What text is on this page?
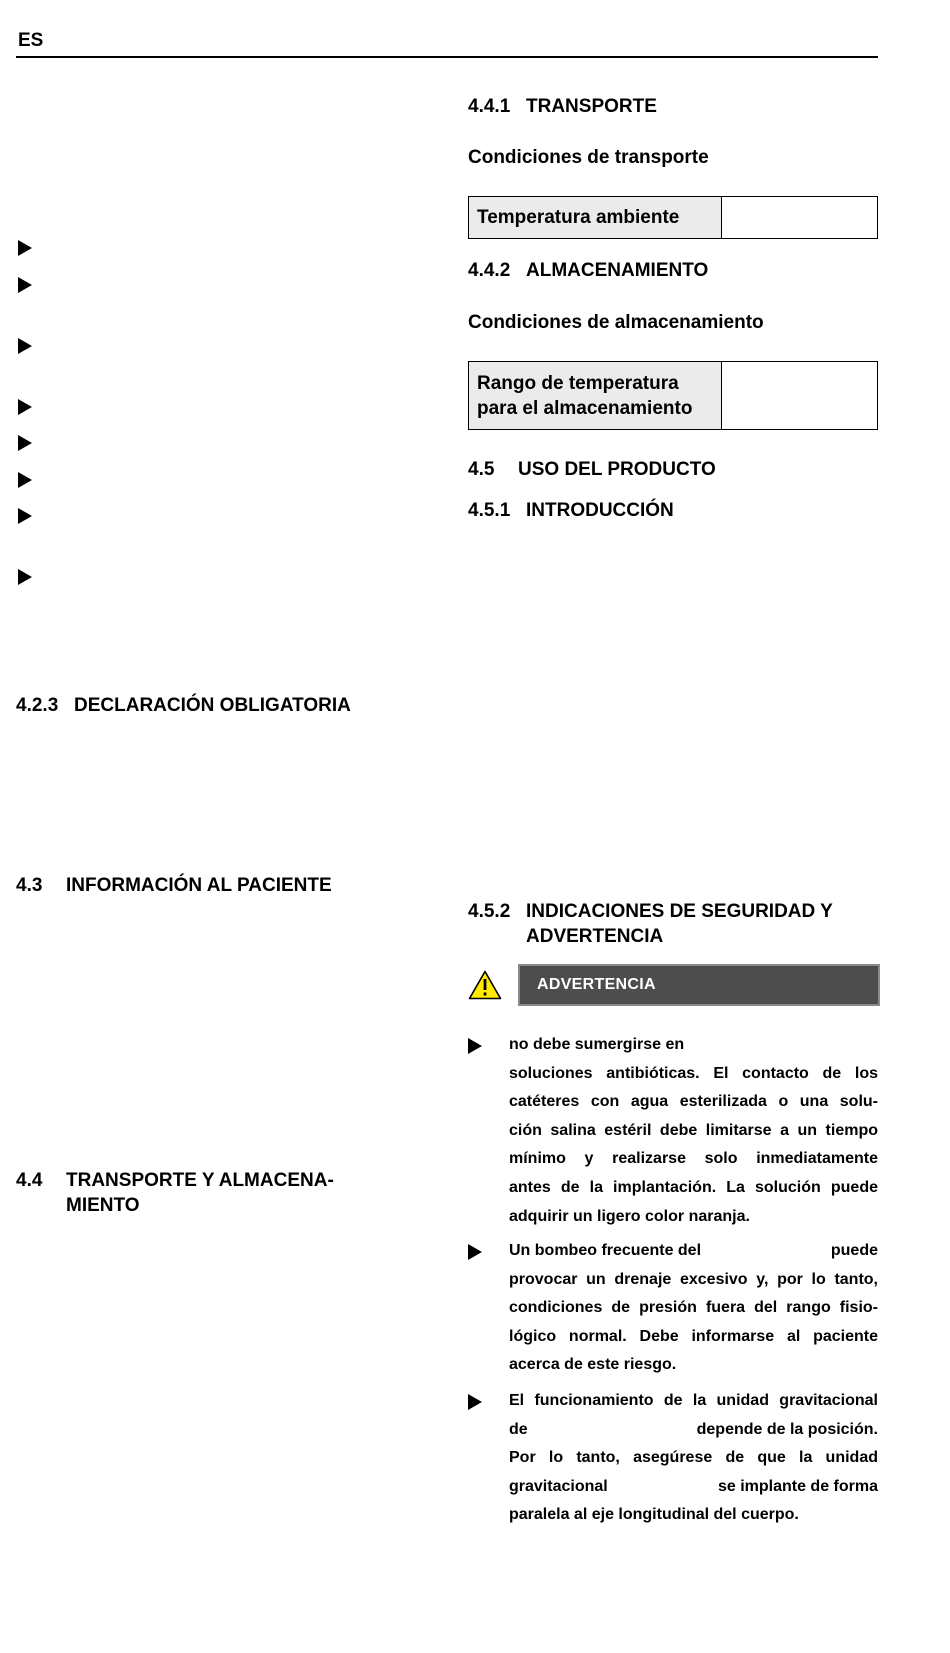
ES
4.2.3 DECLARACIÓN OBLIGATORIA
4.3 INFORMACIÓN AL PACIENTE
4.4 TRANSPORTE Y ALMACENA-
MIENTO
4.4.1 TRANSPORTE
Condiciones de transporte
Temperatura ambiente
4.4.2 ALMACENAMIENTO
Condiciones de almacenamiento
Rango de temperatura
para el almacenamiento
4.5 USO DEL PRODUCTO
4.5.1 INTRODUCCIÓN
4.5.2 INDICACIONES DE SEGURIDAD Y
ADVERTENCIA
ADVERTENCIA
no debe sumergirse en
soluciones antibióticas. El contacto de los
catéteres con agua esterilizada o una solu-
ción salina estéril debe limitarse a un tiempo
mínimo y realizarse solo inmediatamente
antes de la implantación. La solución puede
adquirir un ligero color naranja.
Un bombeo frecuente del	puede
provocar un drenaje excesivo y, por lo tanto,
condiciones de presión fuera del rango fisio-
lógico normal. Debe informarse al paciente
acerca de este riesgo.
El funcionamiento de la unidad gravitacional
de	depende de la posición.
Por lo tanto, asegúrese de que la unidad
gravitacional	se implante de forma
paralela al eje longitudinal del cuerpo.
